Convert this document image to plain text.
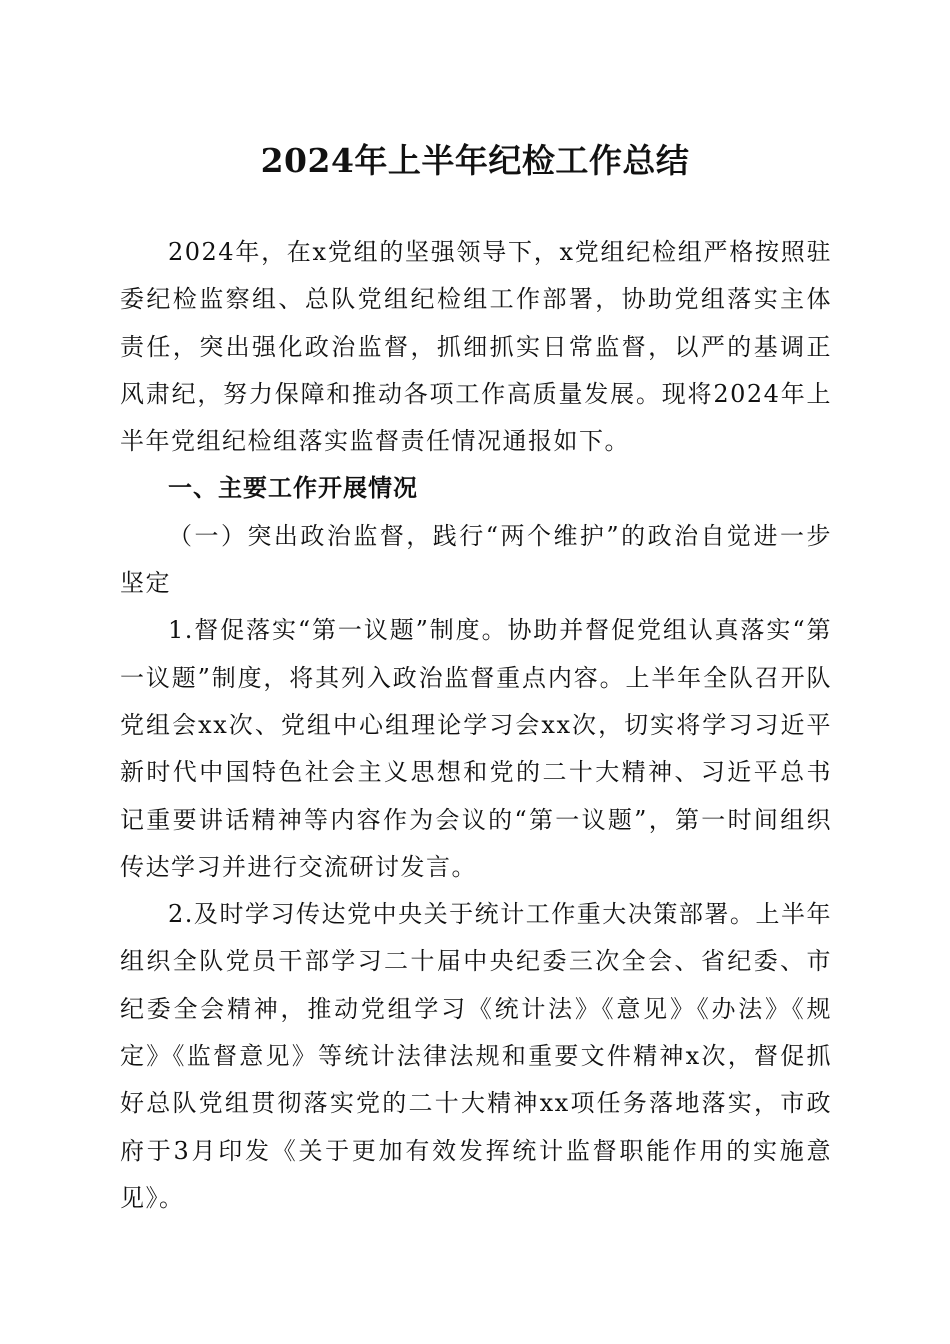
2024年上半年纪检工作总结

2024年，在x党组的坚强领导下，x党组纪检组严格按照驻委纪检监察组、总队党组纪检组工作部署，协助党组落实主体责任，突出强化政治监督，抓细抓实日常监督，以严的基调正风肃纪，努力保障和推动各项工作高质量发展。现将2024年上半年党组纪检组落实监督责任情况通报如下。

一、主要工作开展情况

（一）突出政治监督，践行“两个维护”的政治自觉进一步坚定

1.督促落实“第一议题”制度。协助并督促党组认真落实“第一议题”制度，将其列入政治监督重点内容。上半年全队召开队党组会xx次、党组中心组理论学习会xx次，切实将学习习近平新时代中国特色社会主义思想和党的二十大精神、习近平总书记重要讲话精神等内容作为会议的“第一议题”，第一时间组织传达学习并进行交流研讨发言。

2.及时学习传达党中央关于统计工作重大决策部署。上半年组织全队党员干部学习二十届中央纪委三次全会、省纪委、市纪委全会精神，推动党组学习《统计法》《意见》《办法》《规定》《监督意见》等统计法律法规和重要文件精神x次，督促抓好总队党组贯彻落实党的二十大精神xx项任务落地落实，市政府于3月印发《关于更加有效发挥统计监督职能作用的实施意见》。
